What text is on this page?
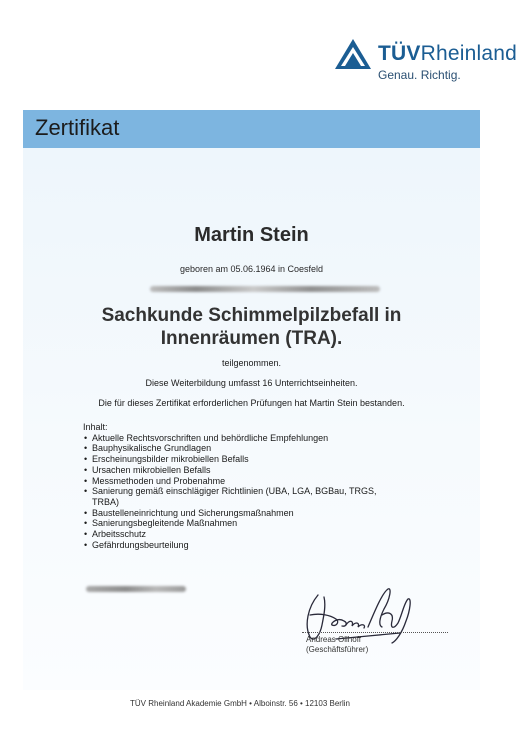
TÜVRheinland
Genau. Richtig.
Zertifikat
Martin Stein
geboren am 05.06.1964 in Coesfeld
Sachkunde Schimmelpilzbefall in
Innenräumen (TRA).
teilgenommen.
Diese Weiterbildung umfasst 16 Unterrichtseinheiten.
Die für dieses Zertifikat erforderlichen Prüfungen hat Martin Stein bestanden.
Inhalt:
• Aktuelle Rechtsvorschriften und behördliche Empfehlungen
• Bauphysikalische Grundlagen
• Erscheinungsbilder mikrobiellen Befalls
• Ursachen mikrobiellen Befalls
• Messmethoden und Probenahme
• Sanierung gemäß einschlägiger Richtlinien (UBA, LGA, BGBau, TRGS,
TRBA)
• Baustelleneinrichtung und Sicherungsmaßnahmen
• Sanierungsbegleitende Maßnahmen
• Arbeitsschutz
• Gefährdungsbeurteilung
Andreas Ollhoff
(Geschäftsführer)
TÜV Rheinland Akademie GmbH • Alboinstr. 56 • 12103 Berlin
